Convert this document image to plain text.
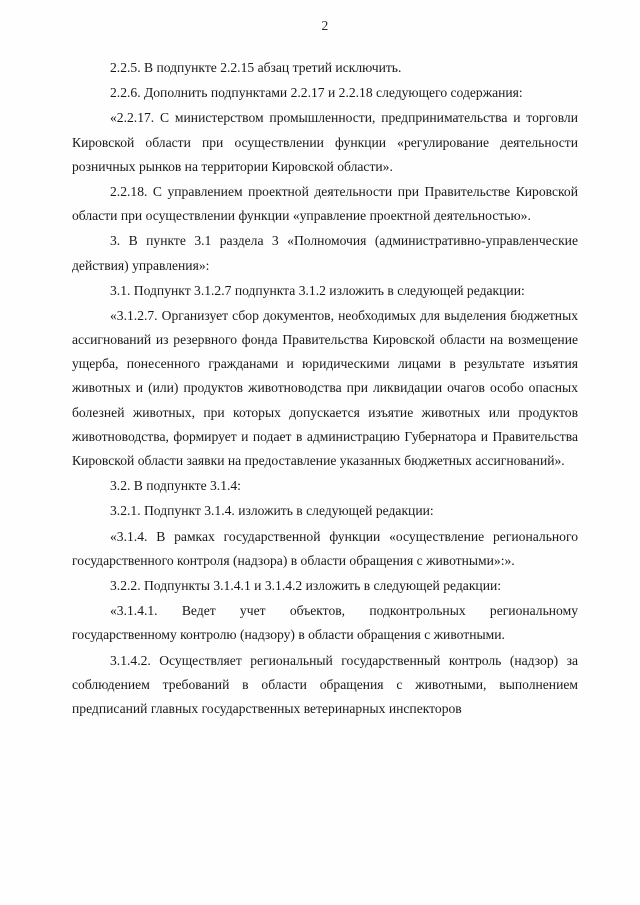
2

2.2.5. В подпункте 2.2.15 абзац третий исключить.

2.2.6. Дополнить подпунктами 2.2.17 и 2.2.18 следующего содержания:

«2.2.17. С министерством промышленности, предпринимательства и торговли Кировской области при осуществлении функции «регулирование деятельности розничных рынков на территории Кировской области».

2.2.18. С управлением проектной деятельности при Правительстве Кировской области при осуществлении функции «управление проектной деятельностью».

3. В пункте 3.1 раздела 3 «Полномочия (административно-управленческие действия) управления»:

3.1. Подпункт 3.1.2.7 подпункта 3.1.2 изложить в следующей редакции:

«3.1.2.7. Организует сбор документов, необходимых для выделения бюджетных ассигнований из резервного фонда Правительства Кировской области на возмещение ущерба, понесенного гражданами и юридическими лицами в результате изъятия животных и (или) продуктов животноводства при ликвидации очагов особо опасных болезней животных, при которых допускается изъятие животных или продуктов животноводства, формирует и подает в администрацию Губернатора и Правительства Кировской области заявки на предоставление указанных бюджетных ассигнований».

3.2. В подпункте 3.1.4:

3.2.1. Подпункт 3.1.4. изложить в следующей редакции:

«3.1.4. В рамках государственной функции «осуществление регионального государственного контроля (надзора) в области обращения с животными»:».

3.2.2. Подпункты 3.1.4.1 и 3.1.4.2 изложить в следующей редакции:

«3.1.4.1. Ведет учет объектов, подконтрольных региональному государственному контролю (надзору) в области обращения с животными.

3.1.4.2. Осуществляет региональный государственный контроль (надзор) за соблюдением требований в области обращения с животными, выполнением предписаний главных государственных ветеринарных инспекторов
